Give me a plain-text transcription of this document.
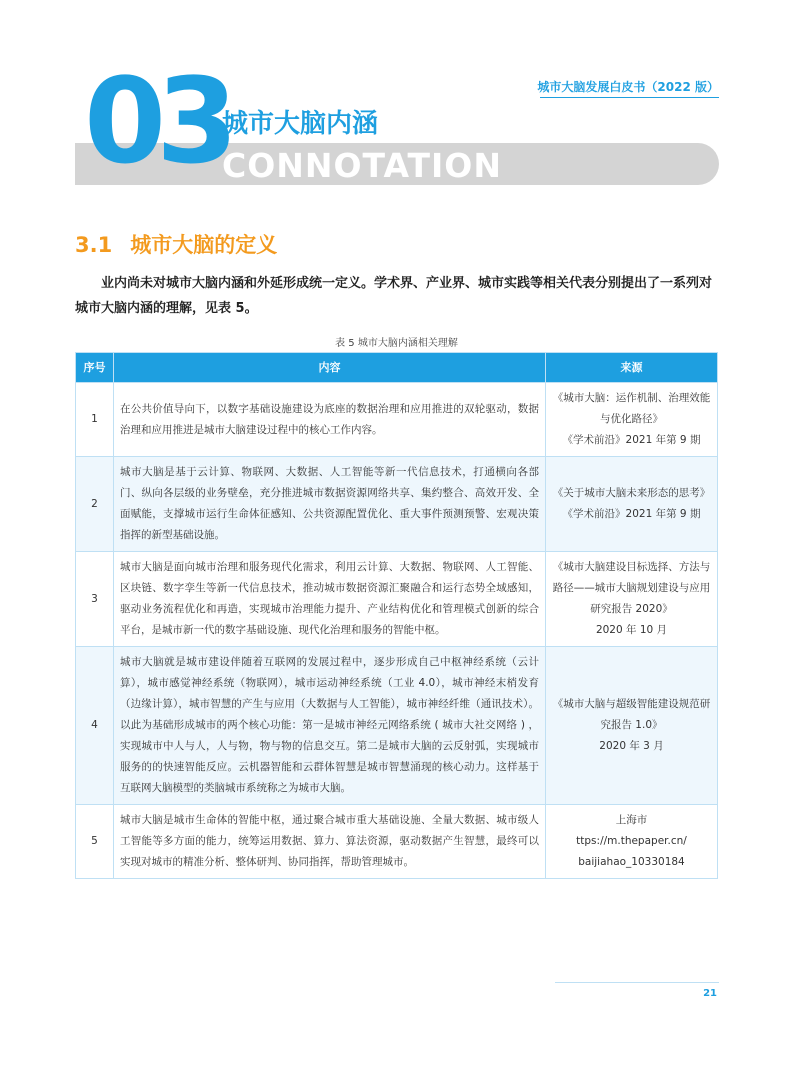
城市大脑发展白皮书（2022 版）
03
城市大脑内涵
CONNOTATION
3.1 城市大脑的定义
业内尚未对城市大脑内涵和外延形成统一定义。学术界、产业界、城市实践等相关代表分别提出了一系列对城市大脑内涵的理解，见表 5。
表 5 城市大脑内涵相关理解
序号	内容	来源
1	在公共价值导向下，以数字基础设施建设为底座的数据治理和应用推进的双轮驱动，数据治理和应用推进是城市大脑建设过程中的核心工作内容。	《城市大脑：运作机制、治理效能与优化路径》
《学术前沿》2021 年第 9 期

2	城市大脑是基于云计算、物联网、大数据、人工智能等新一代信息技术，打通横向各部门、纵向各层级的业务壁垒，充分推进城市数据资源网络共享、集约整合、高效开发、全面赋能，支撑城市运行生命体征感知、公共资源配置优化、重大事件预测预警、宏观决策指挥的新型基础设施。	《关于城市大脑未来形态的思考》
《学术前沿》2021 年第 9 期

3	城市大脑是面向城市治理和服务现代化需求，利用云计算、大数据、物联网、人工智能、区块链、数字孪生等新一代信息技术，推动城市数据资源汇聚融合和运行态势全域感知，驱动业务流程优化和再造，实现城市治理能力提升、产业结构优化和管理模式创新的综合平台，是城市新一代的数字基础设施、现代化治理和服务的智能中枢。	《城市大脑建设目标选择、方法与路径——城市大脑规划建设与应用研究报告 2020》
2020 年 10 月

4	城市大脑就是城市建设伴随着互联网的发展过程中，逐步形成自己中枢神经系统（云计算），城市感觉神经系统（物联网），城市运动神经系统（工业 4.0），城市神经末梢发育（边缘计算），城市智慧的产生与应用（大数据与人工智能），城市神经纤维（通讯技术）。以此为基础形成城市的两个核心功能：第一是城市神经元网络系统 ( 城市大社交网络 ) ，实现城市中人与人，人与物，物与物的信息交互。第二是城市大脑的云反射弧，实现城市服务的的快速智能反应。云机器智能和云群体智慧是城市智慧涌现的核心动力。这样基于互联网大脑模型的类脑城市系统称之为城市大脑。	《城市大脑与超级智能建设规范研究报告 1.0》
2020 年 3 月

5	城市大脑是城市生命体的智能中枢，通过聚合城市重大基础设施、全量大数据、城市级人工智能等多方面的能力，统筹运用数据、算力、算法资源，驱动数据产生智慧，最终可以实现对城市的精准分析、整体研判、协同指挥，帮助管理城市。	上海市
ttps://m.thepaper.cn/
baijiahao_10330184
21
